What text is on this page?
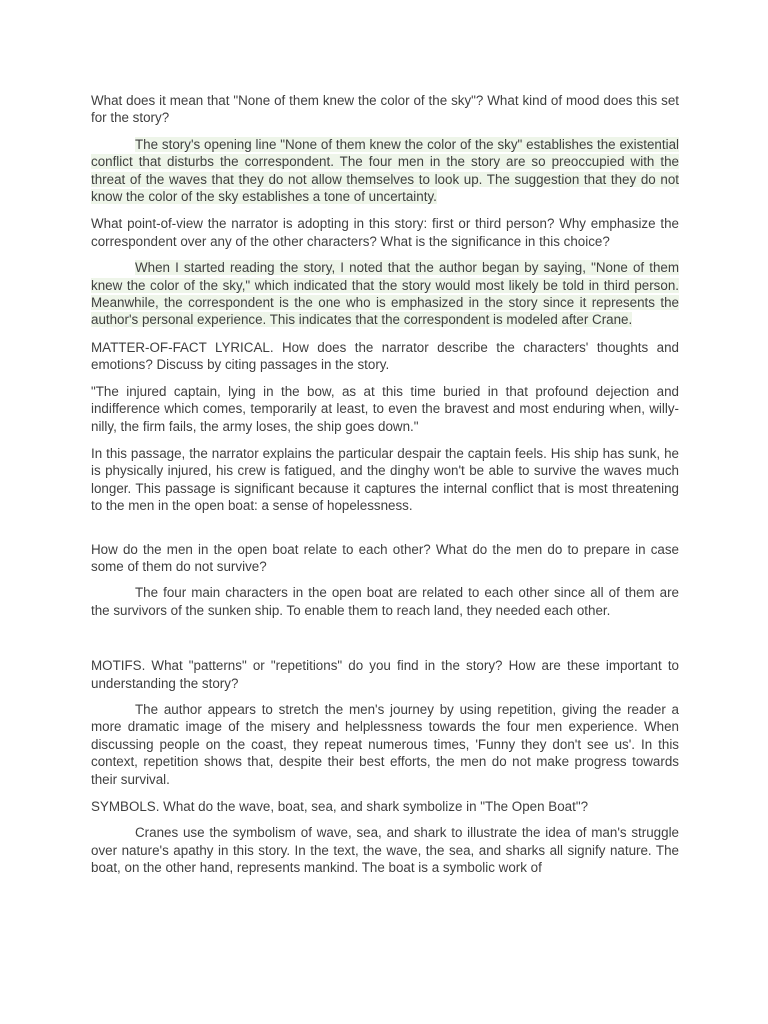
What does it mean that "None of them knew the color of the sky"? What kind of mood does this set for the story?

The story's opening line "None of them knew the color of the sky" establishes the existential conflict that disturbs the correspondent. The four men in the story are so preoccupied with the threat of the waves that they do not allow themselves to look up. The suggestion that they do not know the color of the sky establishes a tone of uncertainty.

What point-of-view the narrator is adopting in this story: first or third person? Why emphasize the correspondent over any of the other characters? What is the significance in this choice?

When I started reading the story, I noted that the author began by saying, "None of them knew the color of the sky," which indicated that the story would most likely be told in third person. Meanwhile, the correspondent is the one who is emphasized in the story since it represents the author's personal experience. This indicates that the correspondent is modeled after Crane.

MATTER-OF-FACT LYRICAL. How does the narrator describe the characters' thoughts and emotions? Discuss by citing passages in the story.

"The injured captain, lying in the bow, as at this time buried in that profound dejection and indifference which comes, temporarily at least, to even the bravest and most enduring when, willy-nilly, the firm fails, the army loses, the ship goes down."

In this passage, the narrator explains the particular despair the captain feels. His ship has sunk, he is physically injured, his crew is fatigued, and the dinghy won't be able to survive the waves much longer. This passage is significant because it captures the internal conflict that is most threatening to the men in the open boat: a sense of hopelessness.

How do the men in the open boat relate to each other? What do the men do to prepare in case some of them do not survive?

The four main characters in the open boat are related to each other since all of them are the survivors of the sunken ship. To enable them to reach land, they needed each other.

MOTIFS. What "patterns" or "repetitions" do you find in the story? How are these important to understanding the story?

The author appears to stretch the men's journey by using repetition, giving the reader a more dramatic image of the misery and helplessness towards the four men experience. When discussing people on the coast, they repeat numerous times, 'Funny they don't see us'. In this context, repetition shows that, despite their best efforts, the men do not make progress towards their survival.

SYMBOLS. What do the wave, boat, sea, and shark symbolize in "The Open Boat"?

Cranes use the symbolism of wave, sea, and shark to illustrate the idea of man's struggle over nature's apathy in this story. In the text, the wave, the sea, and sharks all signify nature. The boat, on the other hand, represents mankind. The boat is a symbolic work of
